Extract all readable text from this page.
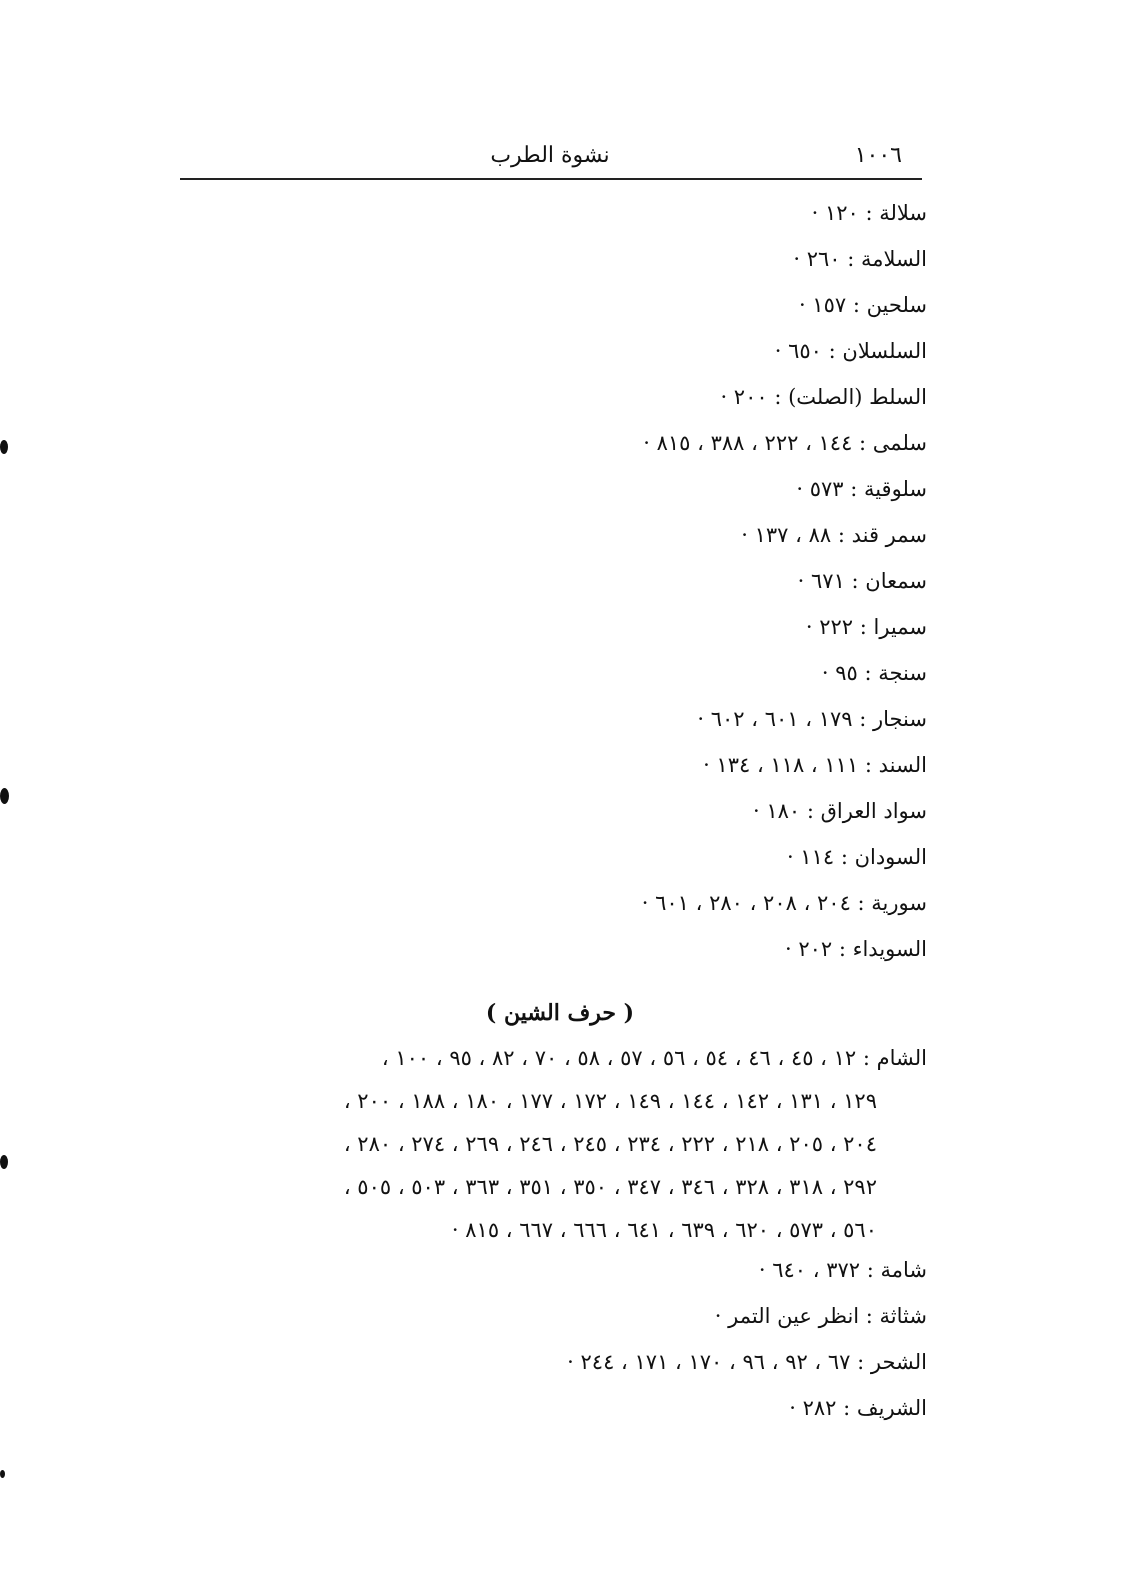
١٠٠٦
نشوة الطرب
سلالة : ١٢٠ ·
السلامة : ٢٦٠ ·
سلحين : ١٥٧ ·
السلسلان : ٦٥٠ ·
السلط (الصلت) : ٢٠٠ ·
سلمى : ١٤٤ ، ٢٢٢ ، ٣٨٨ ، ٨١٥ ·
سلوقية : ٥٧٣ ·
سمر قند : ٨٨ ، ١٣٧ ·
سمعان : ٦٧١ ·
سميرا : ٢٢٢ ·
سنجة : ٩٥ ·
سنجار : ١٧٩ ، ٦٠١ ، ٦٠٢ ·
السند : ١١١ ، ١١٨ ، ١٣٤ ·
سواد العراق : ١٨٠ ·
السودان : ١١٤ ·
سورية : ٢٠٤ ، ٢٠٨ ، ٢٨٠ ، ٦٠١ ·
السويداء : ٢٠٢ ·
( حرف الشين )
الشام : ١٢ ، ٤٥ ، ٤٦ ، ٥٤ ، ٥٦ ، ٥٧ ، ٥٨ ، ٧٠ ، ٨٢ ، ٩٥ ، ١٠٠ ،
١٢٩ ، ١٣١ ، ١٤٢ ، ١٤٤ ، ١٤٩ ، ١٧٢ ، ١٧٧ ، ١٨٠ ، ١٨٨ ، ٢٠٠ ،
٢٠٤ ، ٢٠٥ ، ٢١٨ ، ٢٢٢ ، ٢٣٤ ، ٢٤٥ ، ٢٤٦ ، ٢٦٩ ، ٢٧٤ ، ٢٨٠ ،
٢٩٢ ، ٣١٨ ، ٣٢٨ ، ٣٤٦ ، ٣٤٧ ، ٣٥٠ ، ٣٥١ ، ٣٦٣ ، ٥٠٣ ، ٥٠٥ ،
٥٦٠ ، ٥٧٣ ، ٦٢٠ ، ٦٣٩ ، ٦٤١ ، ٦٦٦ ، ٦٦٧ ، ٨١٥ ·
شامة : ٣٧٢ ، ٦٤٠ ·
شثاثة : انظر عين التمر ·
الشحر : ٦٧ ، ٩٢ ، ٩٦ ، ١٧٠ ، ١٧١ ، ٢٤٤ ·
الشريف : ٢٨٢ ·
